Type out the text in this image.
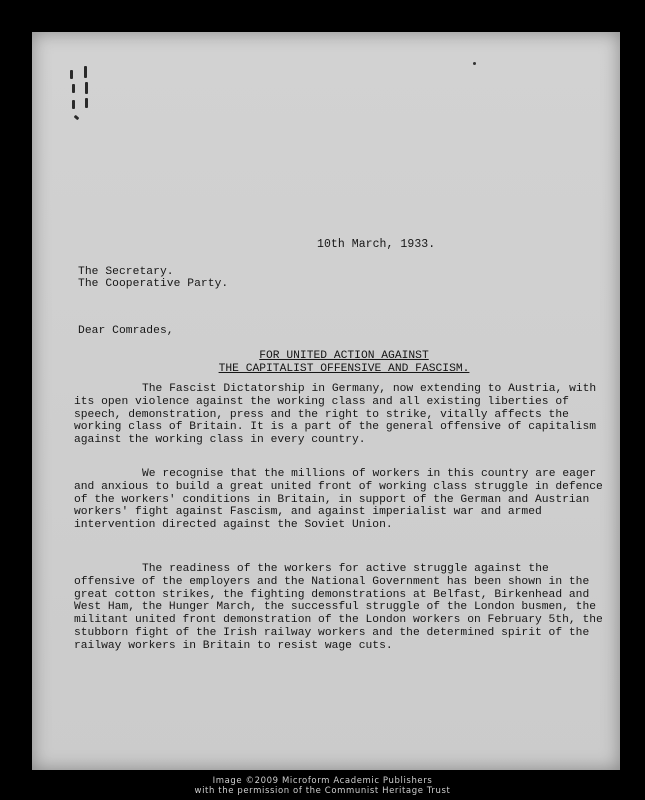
10th March, 1933.
The Secretary.
The Cooperative Party.
Dear Comrades,
FOR UNITED ACTION AGAINST
THE CAPITALIST OFFENSIVE AND FASCISM.
The Fascist Dictatorship in Germany, now extending to Austria, with its open violence against the working class and all existing liberties of speech, demonstration, press and the right to strike, vitally affects the working class of Britain. It is a part of the general offensive of capitalism against the working class in every country.
We recognise that the millions of workers in this country are eager and anxious to build a great united front of working class struggle in defence of the workers' conditions in Britain, in support of the German and Austrian workers' fight against Fascism, and against imperialist war and armed intervention directed against the Soviet Union.
The readiness of the workers for active struggle against the offensive of the employers and the National Government has been shown in the great cotton strikes, the fighting demonstrations at Belfast, Birkenhead and West Ham, the Hunger March, the successful struggle of the London busmen, the militant united front demonstration of the London workers on February 5th, the stubborn fight of the Irish railway workers and the determined spirit of the railway workers in Britain to resist wage cuts.
Image ©2009 Microform Academic Publishers
with the permission of the Communist Heritage Trust
